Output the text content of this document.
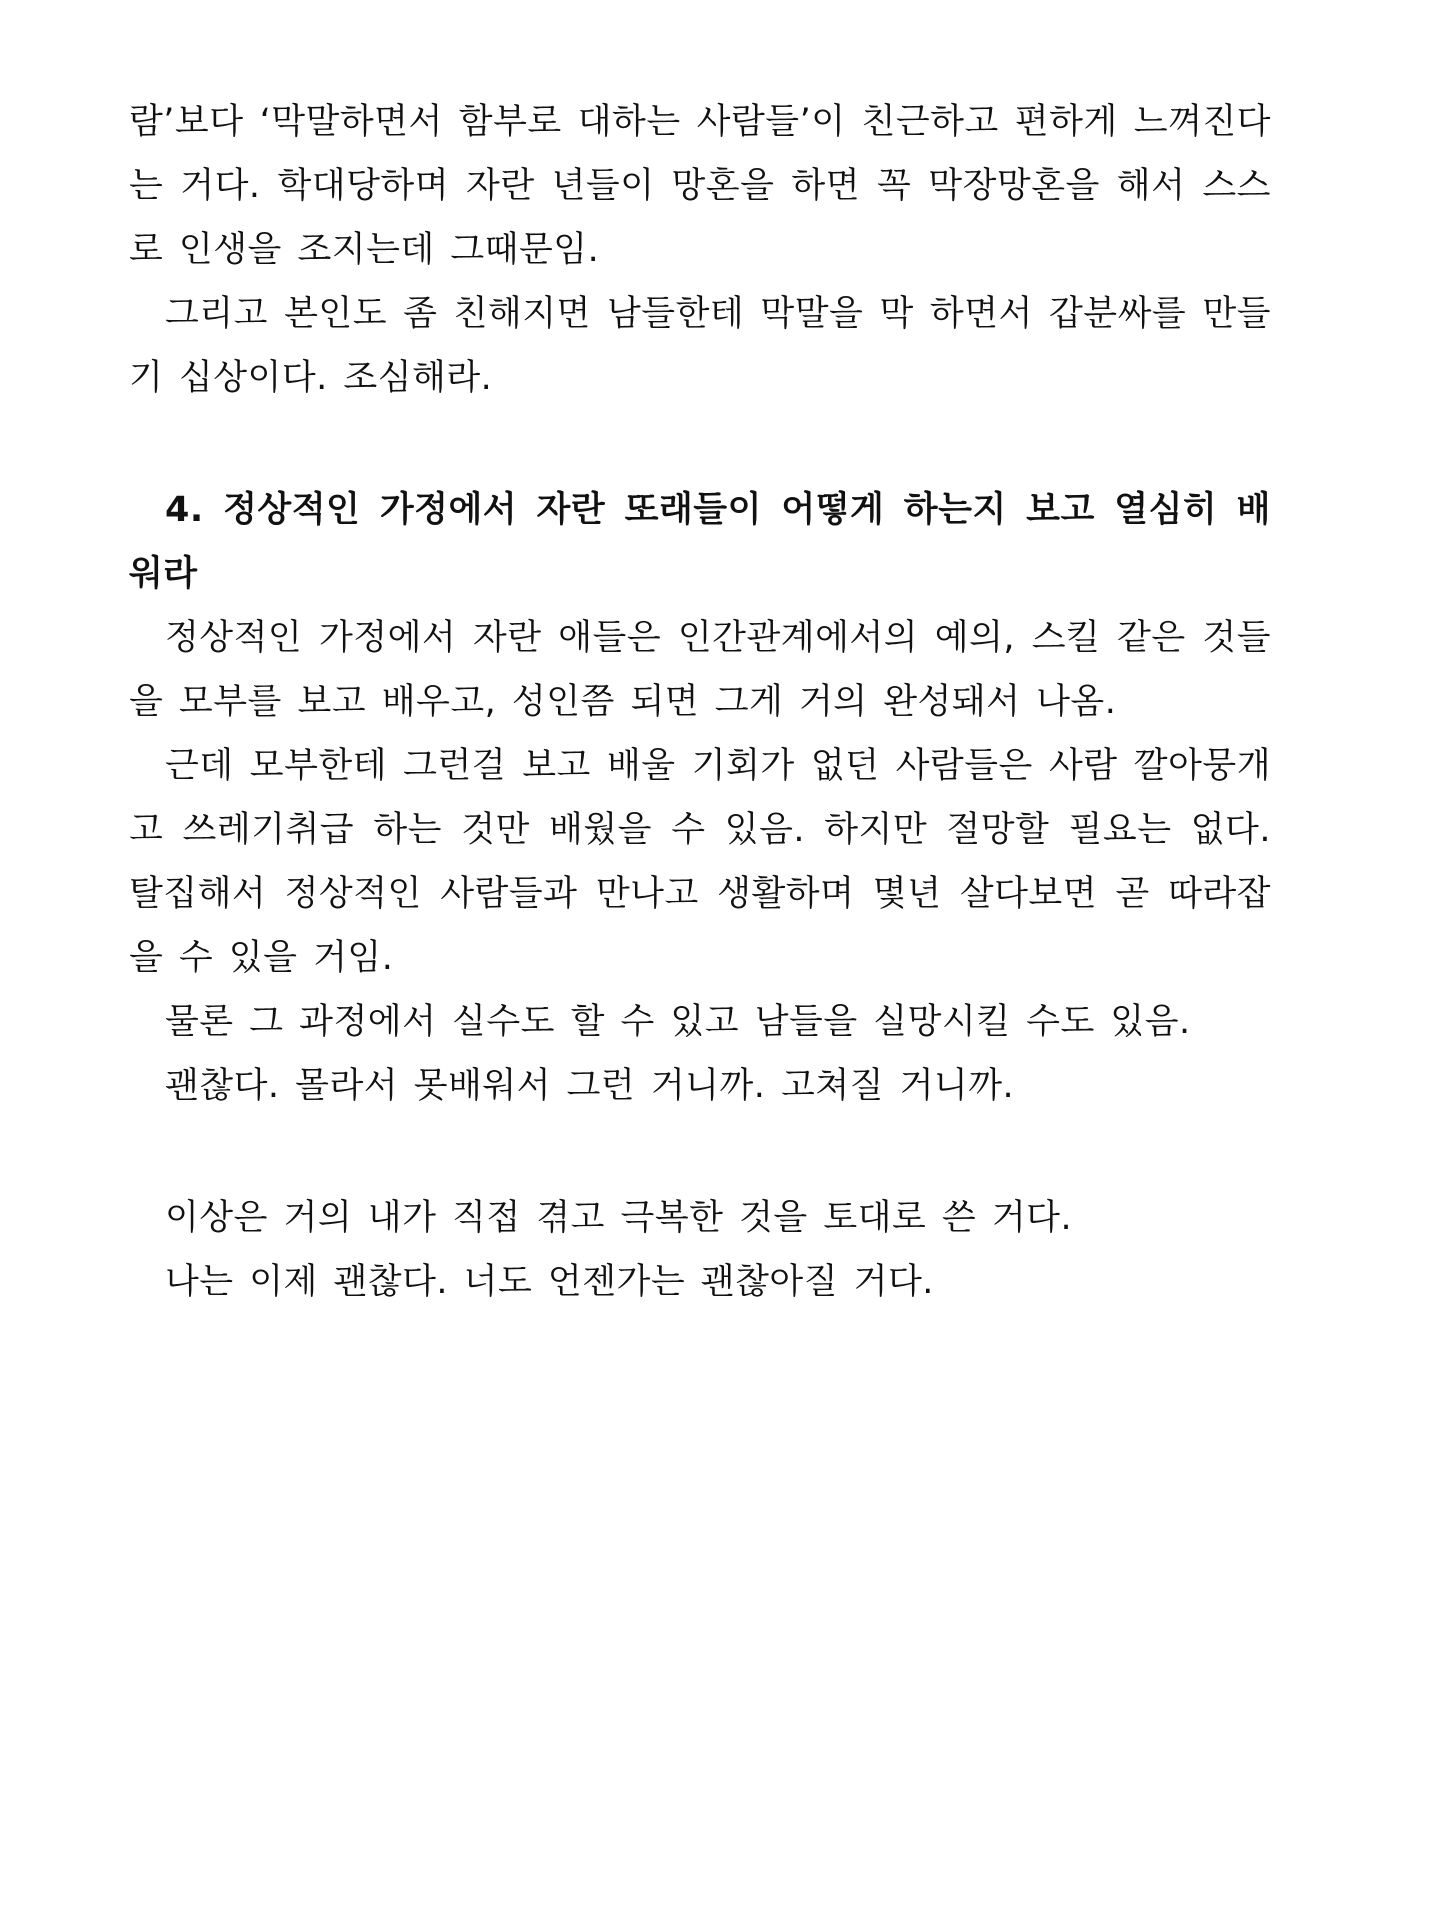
람’보다 ‘막말하면서 함부로 대하는 사람들’이 친근하고 편하게 느껴진다는 거다. 학대당하며 자란 년들이 망혼을 하면 꼭 막장망혼을 해서 스스로 인생을 조지는데 그때문임.

그리고 본인도 좀 친해지면 남들한테 막말을 막 하면서 갑분싸를 만들기 십상이다. 조심해라.

4. 정상적인 가정에서 자란 또래들이 어떻게 하는지 보고 열심히 배워라

정상적인 가정에서 자란 애들은 인간관계에서의 예의, 스킬 같은 것들을 모부를 보고 배우고, 성인쯤 되면 그게 거의 완성돼서 나옴.

근데 모부한테 그런걸 보고 배울 기회가 없던 사람들은 사람 깔아뭉개고 쓰레기취급 하는 것만 배웠을 수 있음. 하지만 절망할 필요는 없다. 탈집해서 정상적인 사람들과 만나고 생활하며 몇년 살다보면 곧 따라잡을 수 있을 거임.

물론 그 과정에서 실수도 할 수 있고 남들을 실망시킬 수도 있음.

괜찮다. 몰라서 못배워서 그런 거니까. 고쳐질 거니까.

이상은 거의 내가 직접 겪고 극복한 것을 토대로 쓴 거다.

나는 이제 괜찮다. 너도 언젠가는 괜찮아질 거다.
